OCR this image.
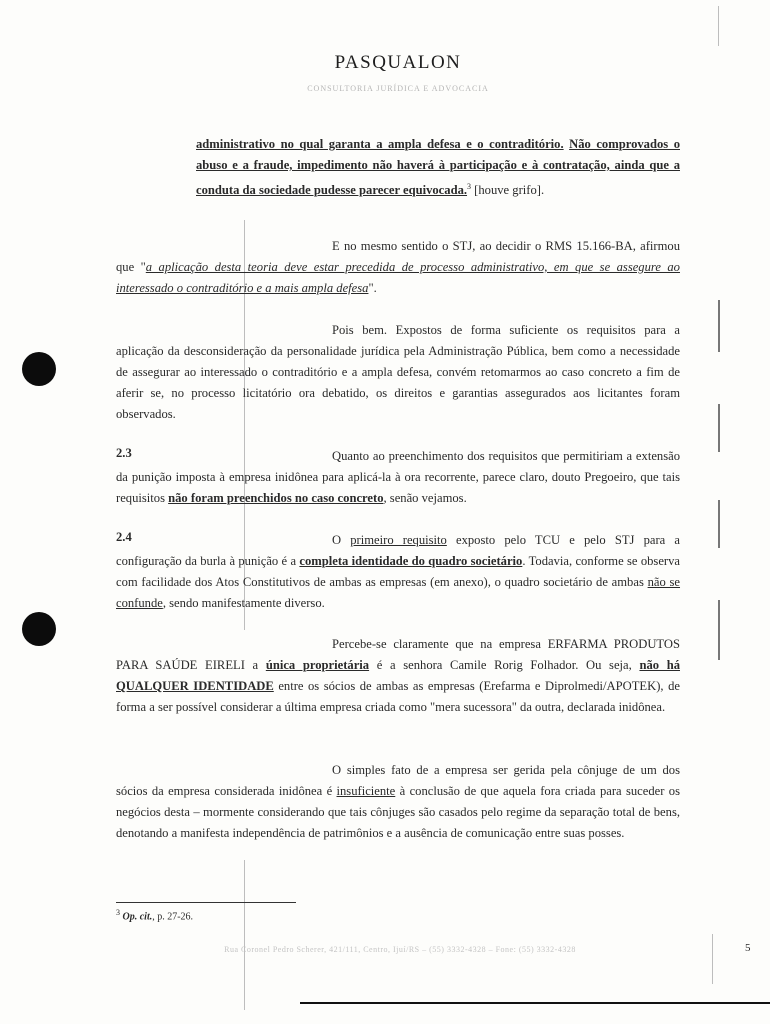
PASQUALON
CONSULTORIA JURÍDICA E ADVOCACIA
administrativo no qual garanta a ampla defesa e o contraditório. Não comprovados o abuso e a fraude, impedimento não haverá à participação e à contratação, ainda que a conduta da sociedade pudesse parecer equivocada.$^3$ [houve grifo].
E no mesmo sentido o STJ, ao decidir o RMS 15.166-BA, afirmou que "a aplicação desta teoria deve estar precedida de processo administrativo, em que se assegure ao interessado o contraditório e a mais ampla defesa".
Pois bem. Expostos de forma suficiente os requisitos para a aplicação da desconsideração da personalidade jurídica pela Administração Pública, bem como a necessidade de assegurar ao interessado o contraditório e a ampla defesa, convém retomarmos ao caso concreto a fim de aferir se, no processo licitatório ora debatido, os direitos e garantias assegurados aos licitantes foram observados.
2.3	Quanto ao preenchimento dos requisitos que permitiriam a extensão da punição imposta à empresa inidônea para aplicá-la à ora recorrente, parece claro, douto Pregoeiro, que tais requisitos não foram preenchidos no caso concreto, senão vejamos.
2.4	O primeiro requisito exposto pelo TCU e pelo STJ para a configuração da burla à punição é a completa identidade do quadro societário. Todavia, conforme se observa com facilidade dos Atos Constitutivos de ambas as empresas (em anexo), o quadro societário de ambas não se confunde, sendo manifestamente diverso.
Percebe-se claramente que na empresa ERFARMA PRODUTOS PARA SAÚDE EIRELI a única proprietária é a senhora Camile Rorig Folhador. Ou seja, não há QUALQUER IDENTIDADE entre os sócios de ambas as empresas (Erefarma e Diprolmedi/APOTEK), de forma a ser possível considerar a última empresa criada como "mera sucessora" da outra, declarada inidônea.
O simples fato de a empresa ser gerida pela cônjuge de um dos sócios da empresa considerada inidônea é insuficiente à conclusão de que aquela fora criada para suceder os negócios desta – mormente considerando que tais cônjuges são casados pelo regime da separação total de bens, denotando a manifesta independência de patrimônios e a ausência de comunicação entre suas posses.
$^3$ Op. cit., p. 27-26.
Rua Coronel Pedro Scherer, 421/111, Centro, Ijuí/RS – (55) 3332-4328 – Fone: (55) 3332-4328	5
